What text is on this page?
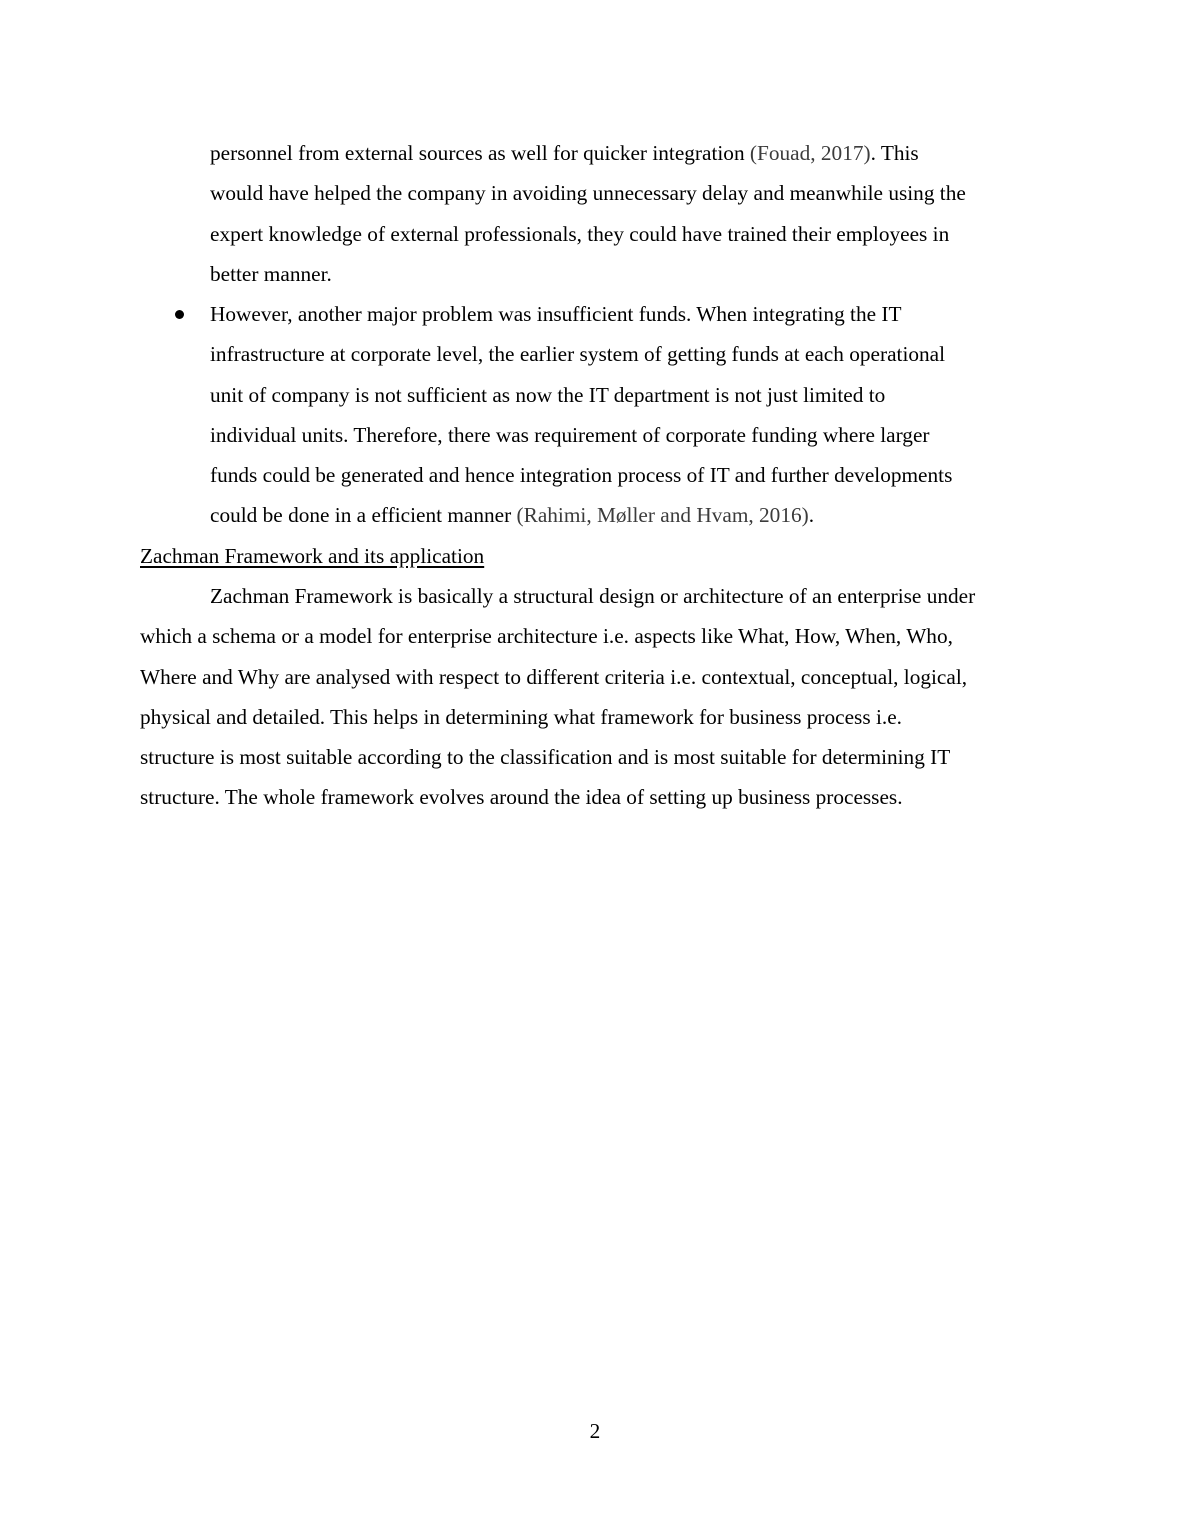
personnel from external sources as well for quicker integration (Fouad, 2017). This
would have helped the company in avoiding unnecessary delay and meanwhile using the
expert knowledge of external professionals, they could have trained their employees in
better manner.
However, another major problem was insufficient funds. When integrating the IT
infrastructure at corporate level, the earlier system of getting funds at each operational
unit of company is not sufficient as now the IT department is not just limited to
individual units. Therefore, there was requirement of corporate funding where larger
funds could be generated and hence integration process of IT and further developments
could be done in a efficient manner (Rahimi, Møller and Hvam, 2016).
Zachman Framework and its application
Zachman Framework is basically a structural design or architecture of an enterprise under
which a schema or a model for enterprise architecture i.e. aspects like What, How, When, Who,
Where and Why are analysed with respect to different criteria i.e. contextual, conceptual, logical,
physical and detailed. This helps in determining what framework for business process i.e.
structure is most suitable according to the classification and is most suitable for determining IT
structure. The whole framework evolves around the idea of setting up business processes.
2
